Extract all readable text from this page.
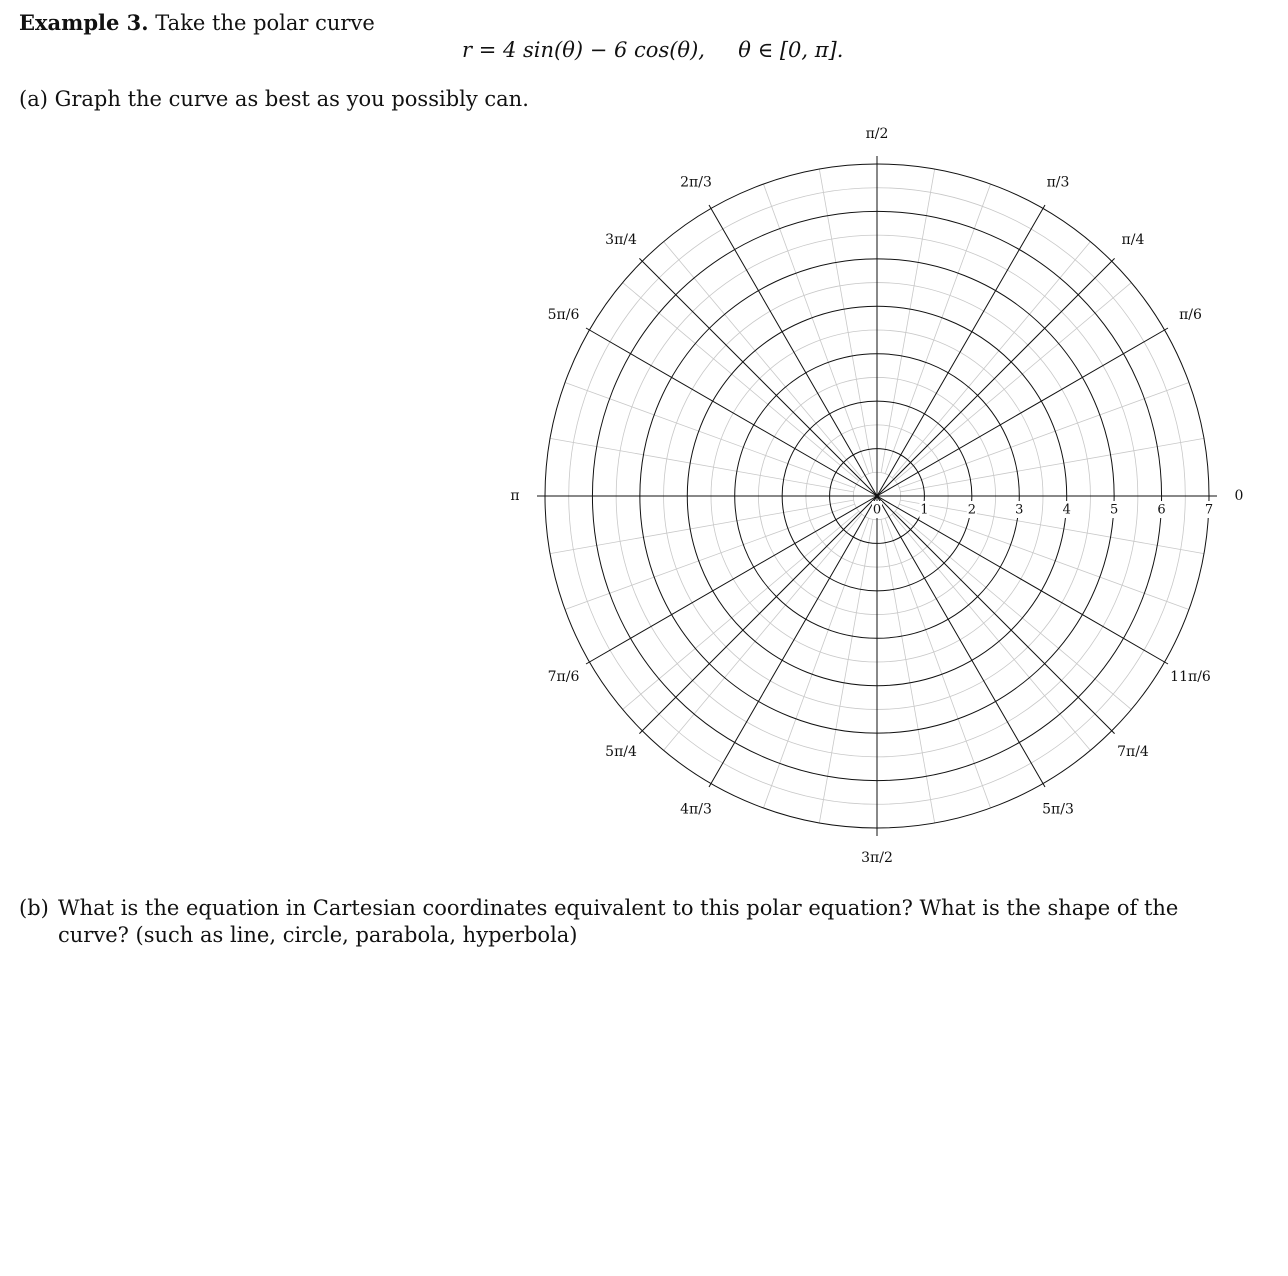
Example 3. Take the polar curve
r = 4 sin(θ) − 6 cos(θ),     θ ∈ [0, π].
(a) Graph the curve as best as you possibly can.
0
π/6
π/4
π/3
π/2
2π/3
3π/4
5π/6
π
7π/6
5π/4
4π/3
3π/2
5π/3
7π/4
11π/6
0	1	2	3	4	5	6	7
(b) What is the equation in Cartesian coordinates equivalent to this polar equation? What is the shape of the curve? (such as line, circle, parabola, hyperbola)
